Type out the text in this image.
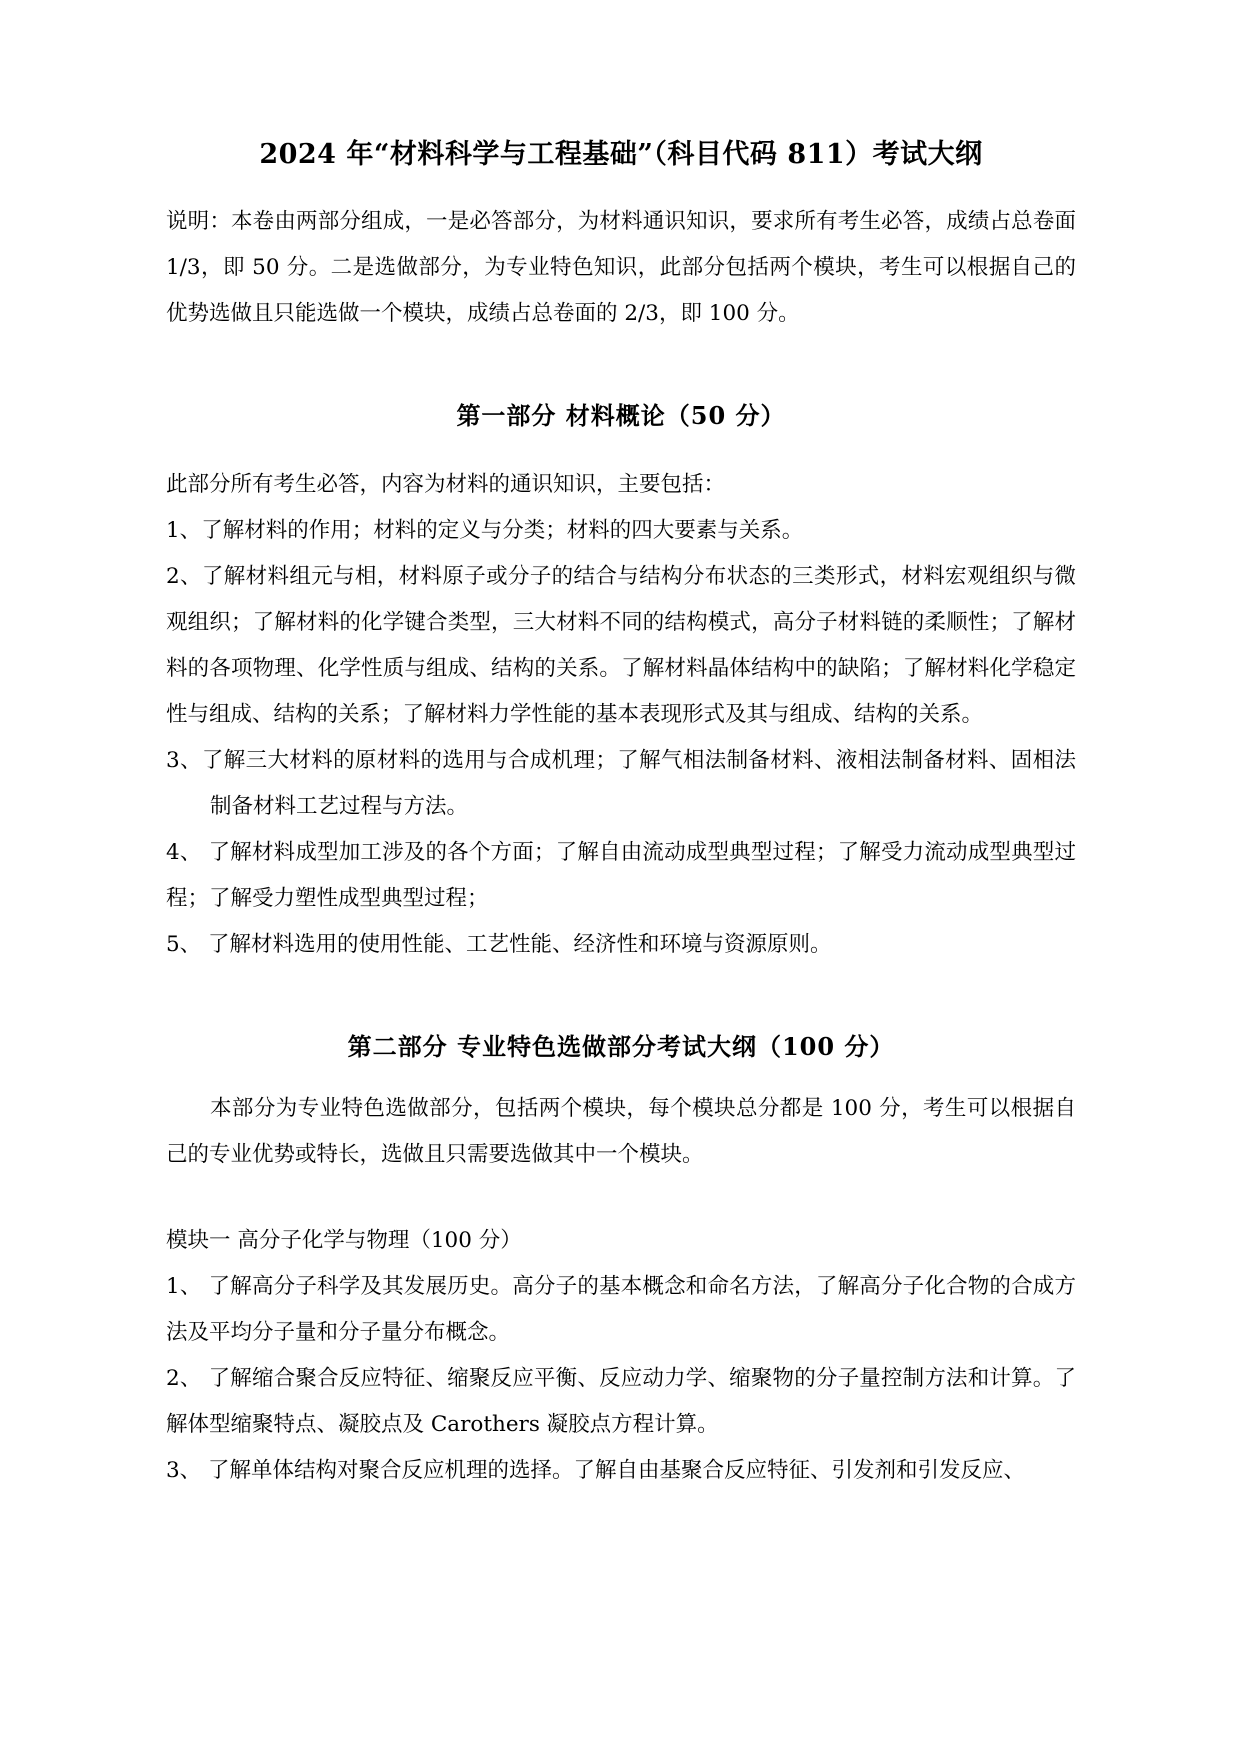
2024 年“材料科学与工程基础”（科目代码 811）考试大纲

说明：本卷由两部分组成，一是必答部分，为材料通识知识，要求所有考生必答，成绩占总卷面 1/3，即 50 分。二是选做部分，为专业特色知识，此部分包括两个模块，考生可以根据自己的优势选做且只能选做一个模块，成绩占总卷面的 2/3，即 100 分。

第一部分 材料概论（50 分）

此部分所有考生必答，内容为材料的通识知识，主要包括：

1、了解材料的作用；材料的定义与分类；材料的四大要素与关系。
2、了解材料组元与相，材料原子或分子的结合与结构分布状态的三类形式，材料宏观组织与微观组织；了解材料的化学键合类型，三大材料不同的结构模式，高分子材料链的柔顺性；了解材料的各项物理、化学性质与组成、结构的关系。了解材料晶体结构中的缺陷；了解材料化学稳定性与组成、结构的关系；了解材料力学性能的基本表现形式及其与组成、结构的关系。
3、了解三大材料的原材料的选用与合成机理；了解气相法制备材料、液相法制备材料、固相法制备材料工艺过程与方法。
4、 了解材料成型加工涉及的各个方面；了解自由流动成型典型过程；了解受力流动成型典型过程；了解受力塑性成型典型过程；
5、 了解材料选用的使用性能、工艺性能、经济性和环境与资源原则。
第二部分 专业特色选做部分考试大纲（100 分）

本部分为专业特色选做部分，包括两个模块，每个模块总分都是 100 分，考生可以根据自己的专业优势或特长，选做且只需要选做其中一个模块。

模块一 高分子化学与物理（100 分）

1、 了解高分子科学及其发展历史。高分子的基本概念和命名方法，了解高分子化合物的合成方法及平均分子量和分子量分布概念。
2、 了解缩合聚合反应特征、缩聚反应平衡、反应动力学、缩聚物的分子量控制方法和计算。了解体型缩聚特点、凝胶点及 Carothers 凝胶点方程计算。
3、 了解单体结构对聚合反应机理的选择。了解自由基聚合反应特征、引发剂和引发反应、
